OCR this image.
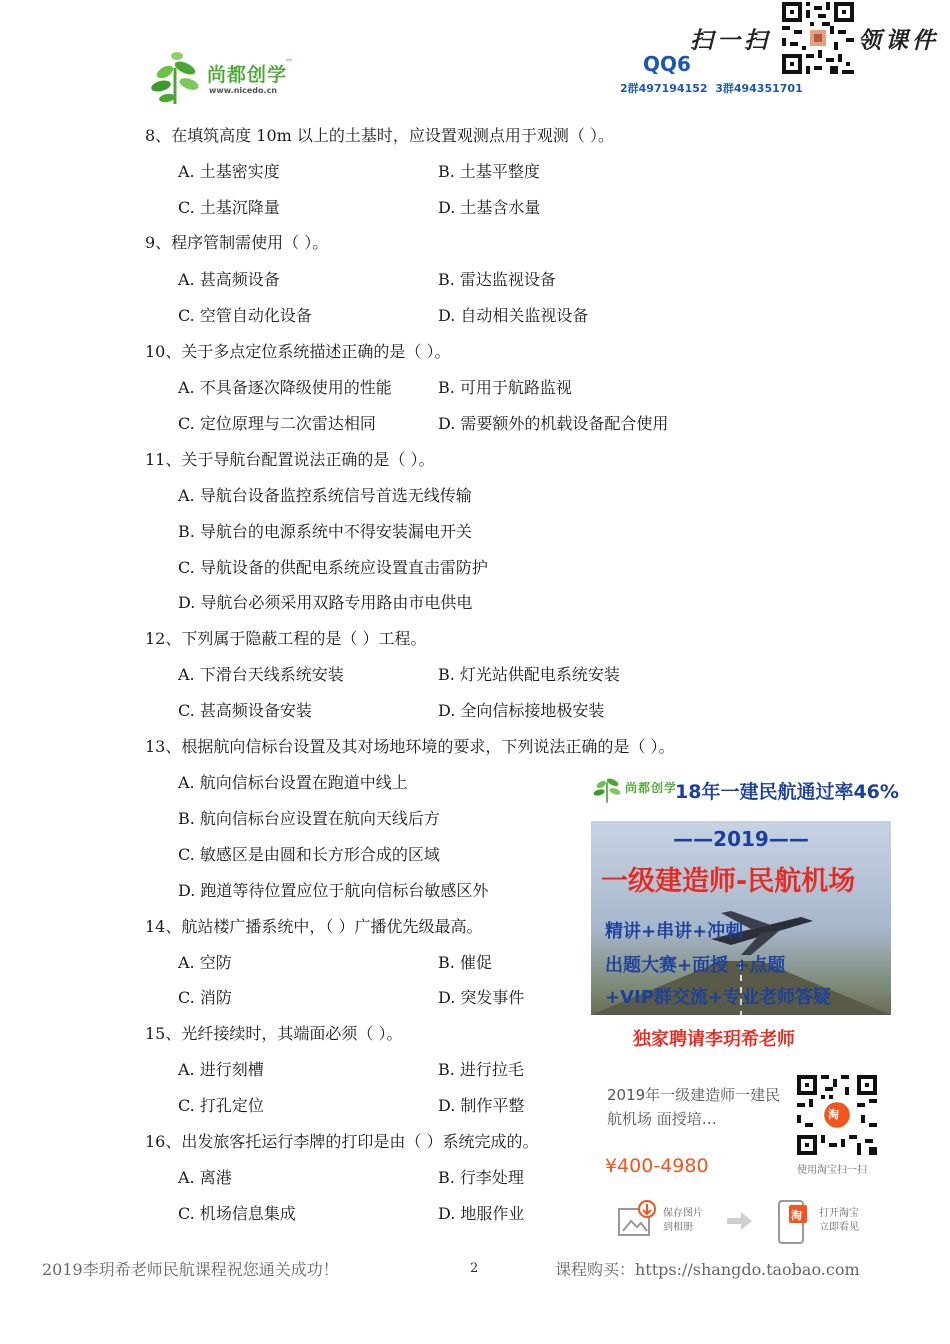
尚都创学
™
www.nicedo.cn
扫一扫	领课件
QQ6
2群497194152  3群494351701
8、在填筑高度 10m 以上的土基时，应设置观测点用于观测（ ）。
A. 土基密实度	B. 土基平整度
C. 土基沉降量	D. 土基含水量
9、程序管制需使用（ ）。
A. 甚高频设备	B. 雷达监视设备
C. 空管自动化设备	D. 自动相关监视设备
10、关于多点定位系统描述正确的是（ ）。
A. 不具备逐次降级使用的性能	B. 可用于航路监视
C. 定位原理与二次雷达相同	D. 需要额外的机载设备配合使用
11、关于导航台配置说法正确的是（ ）。
A. 导航台设备监控系统信号首选无线传输
B. 导航台的电源系统中不得安装漏电开关
C. 导航设备的供配电系统应设置直击雷防护
D. 导航台必须采用双路专用路由市电供电
12、下列属于隐蔽工程的是（ ）工程。
A. 下滑台天线系统安装	B. 灯光站供配电系统安装
C. 甚高频设备安装	D. 全向信标接地极安装
13、根据航向信标台设置及其对场地环境的要求，下列说法正确的是（ ）。
A. 航向信标台设置在跑道中线上
B. 航向信标台应设置在航向天线后方
C. 敏感区是由圆和长方形合成的区域
D. 跑道等待位置应位于航向信标台敏感区外
14、航站楼广播系统中，（ ）广播优先级最高。
A. 空防	B. 催促
C. 消防	D. 突发事件
15、光纤接续时，其端面必须（ ）。
A. 进行刻槽	B. 进行拉毛
C. 打孔定位	D. 制作平整
16、出发旅客托运行李牌的打印是由（ ）系统完成的。
A. 离港	B. 行李处理
C. 机场信息集成	D. 地服作业
尚都创学
18年一建民航通过率46%
——2019——
一级建造师-民航机场
精讲+串讲+冲刺
出题大赛+面授 +点题
+VIP群交流+专业老师答疑
独家聘请李玥希老师
2019年一级建造师一建民航机场 面授培…
¥400-4980
淘
使用淘宝扫一扫
保存图片到相册
淘 打开淘宝立即看见
2019李玥希老师民航课程祝您通关成功！	2	课程购买：https://shangdo.taobao.com
